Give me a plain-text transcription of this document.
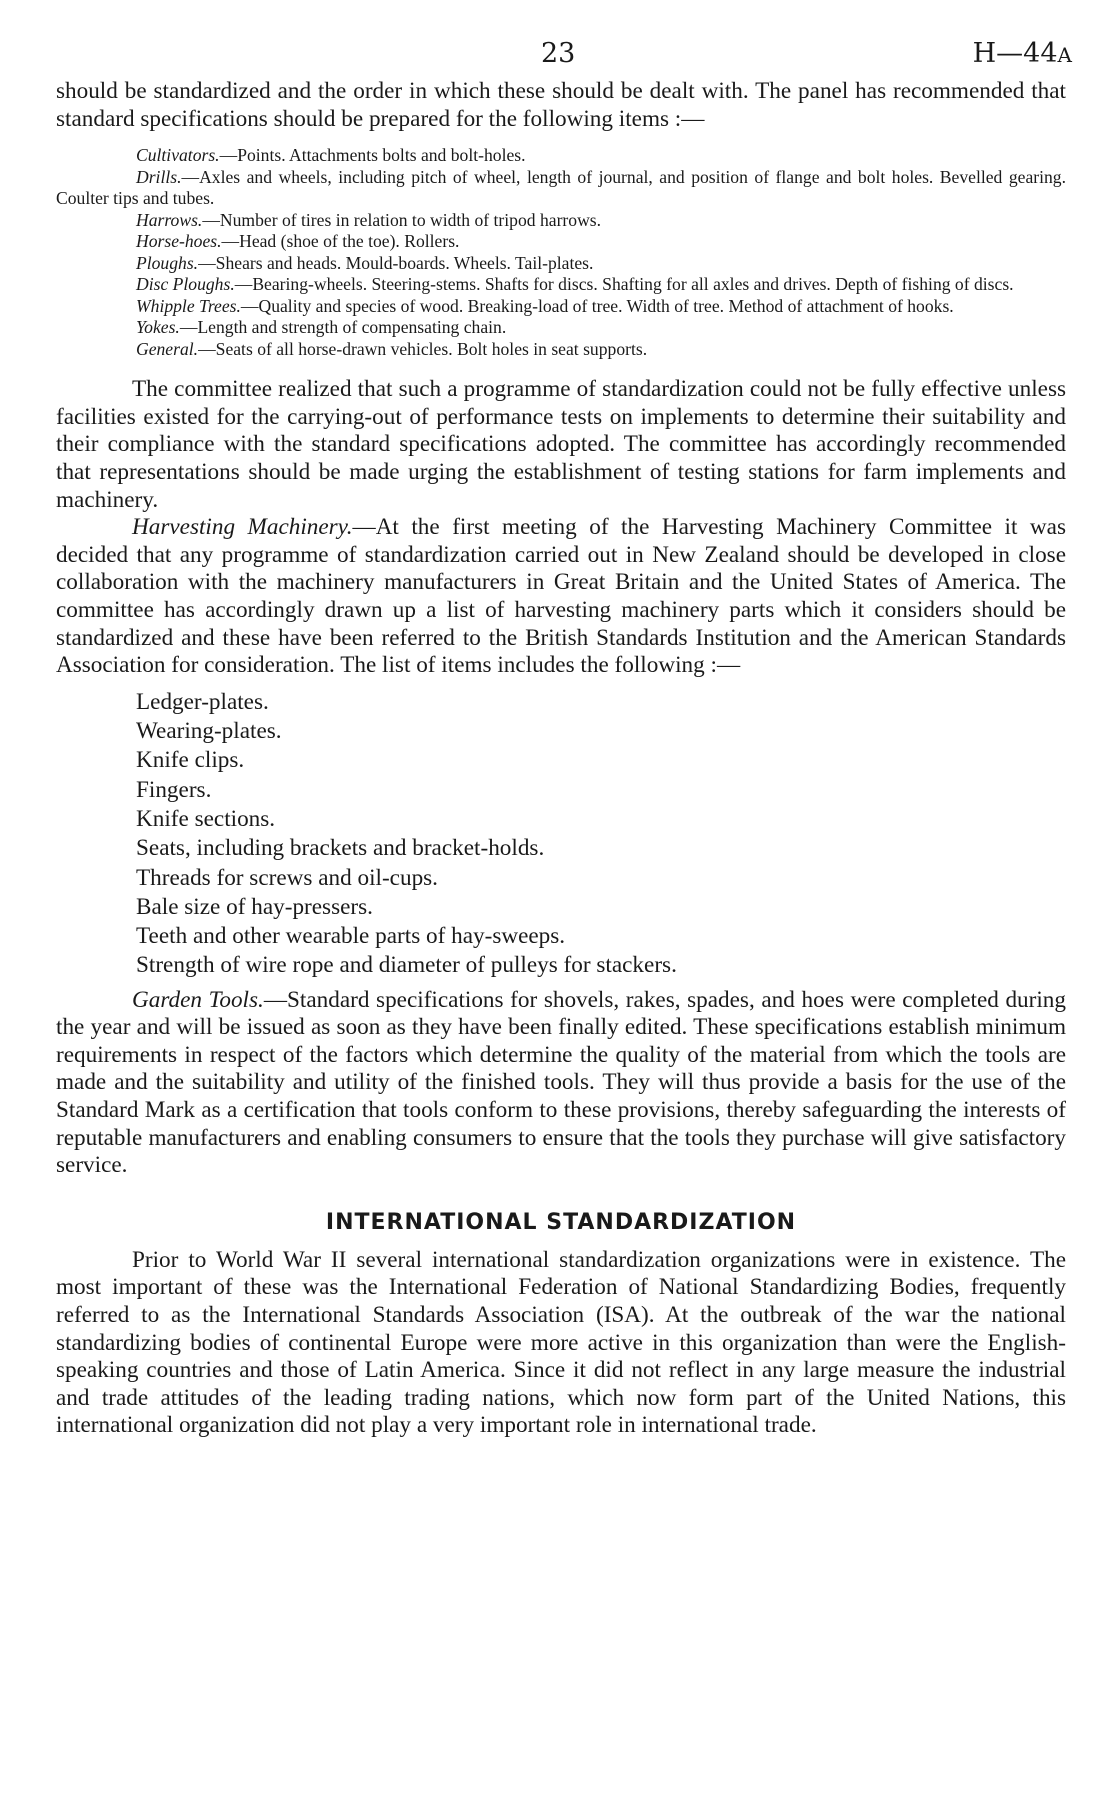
23	H—44A

should be standardized and the order in which these should be dealt with. The panel has recommended that standard specifications should be prepared for the following items :—

Cultivators.—Points. Attachments bolts and bolt-holes.

Drills.—Axles and wheels, including pitch of wheel, length of journal, and position of flange and bolt holes. Bevelled gearing. Coulter tips and tubes.

Harrows.—Number of tires in relation to width of tripod harrows.

Horse-hoes.—Head (shoe of the toe). Rollers.

Ploughs.—Shears and heads. Mould-boards. Wheels. Tail-plates.

Disc Ploughs.—Bearing-wheels. Steering-stems. Shafts for discs. Shafting for all axles and drives. Depth of fishing of discs.

Whipple Trees.—Quality and species of wood. Breaking-load of tree. Width of tree. Method of attachment of hooks.

Yokes.—Length and strength of compensating chain.

General.—Seats of all horse-drawn vehicles. Bolt holes in seat supports.

The committee realized that such a programme of standardization could not be fully effective unless facilities existed for the carrying-out of performance tests on implements to determine their suitability and their compliance with the standard specifications adopted. The committee has accordingly recommended that representations should be made urging the establishment of testing stations for farm implements and machinery.

Harvesting Machinery.—At the first meeting of the Harvesting Machinery Committee it was decided that any programme of standardization carried out in New Zealand should be developed in close collaboration with the machinery manufacturers in Great Britain and the United States of America. The committee has accordingly drawn up a list of harvesting machinery parts which it considers should be standardized and these have been referred to the British Standards Institution and the American Standards Association for consideration. The list of items includes the following :—

Ledger-plates.
Wearing-plates.
Knife clips.
Fingers.
Knife sections.
Seats, including brackets and bracket-holds.
Threads for screws and oil-cups.
Bale size of hay-pressers.
Teeth and other wearable parts of hay-sweeps.
Strength of wire rope and diameter of pulleys for stackers.

Garden Tools.—Standard specifications for shovels, rakes, spades, and hoes were completed during the year and will be issued as soon as they have been finally edited. These specifications establish minimum requirements in respect of the factors which determine the quality of the material from which the tools are made and the suitability and utility of the finished tools. They will thus provide a basis for the use of the Standard Mark as a certification that tools conform to these provisions, thereby safeguarding the interests of reputable manufacturers and enabling consumers to ensure that the tools they purchase will give satisfactory service.

INTERNATIONAL STANDARDIZATION

Prior to World War II several international standardization organizations were in existence. The most important of these was the International Federation of National Standardizing Bodies, frequently referred to as the International Standards Association (ISA). At the outbreak of the war the national standardizing bodies of continental Europe were more active in this organization than were the English-speaking countries and those of Latin America. Since it did not reflect in any large measure the industrial and trade attitudes of the leading trading nations, which now form part of the United Nations, this international organization did not play a very important role in international trade.
